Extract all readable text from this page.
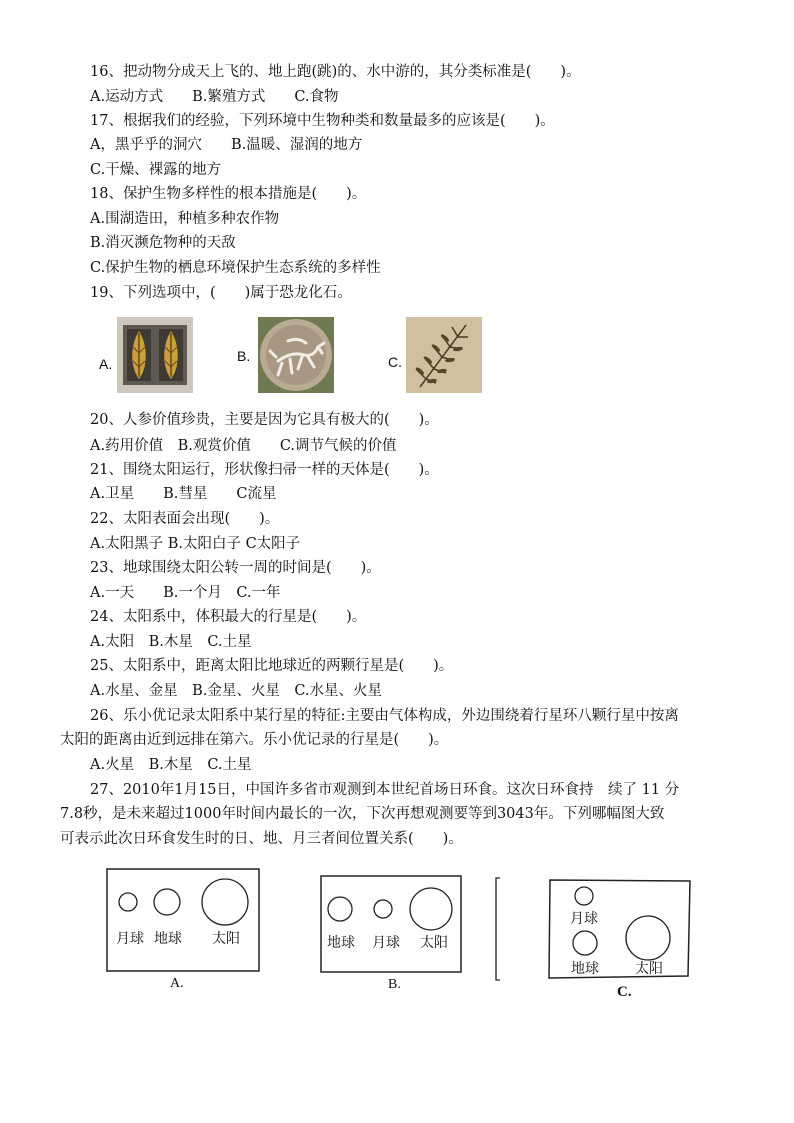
16、把动物分成天上飞的、地上跑(跳)的、水中游的，其分类标准是(　　)。
A.运动方式　　B.繁殖方式　　C.食物
17、根据我们的经验，下列环境中生物种类和数量最多的应该是(　　)。
A，黑乎乎的洞穴　　B.温暖、湿润的地方
C.干燥、裸露的地方
18、保护生物多样性的根本措施是(　　)。
A.围湖造田，种植多种农作物
B.消灭濒危物种的天敌
C.保护生物的栖息环境保护生态系统的多样性
19、下列选项中，(　　)属于恐龙化石。
A.	B.	C.
20、人参价值珍贵，主要是因为它具有极大的(　　)。
A.药用价值　B.观赏价值　　C.调节气候的价值
21、围绕太阳运行，形状像扫帚一样的天体是(　　)。
A.卫星　　B.彗星　　C流星
22、太阳表面会出现(　　)。
A.太阳黑子 B.太阳白子 C太阳子
23、地球围绕太阳公转一周的时间是(　　)。
A.一天　　B.一个月　C.一年
24、太阳系中，体积最大的行星是(　　)。
A.太阳　B.木星　C.土星
25、太阳系中，距离太阳比地球近的两颗行星是(　　)。
A.水星、金星　B.金星、火星　C.水星、火星
26、乐小优记录太阳系中某行星的特征:主要由气体构成，外边围绕着行星环八颗行星中按离
太阳的距离由近到远排在第六。乐小优记录的行星是(　　)。
A.火星　B.木星　C.土星
27、2010年1月15日，中国许多省市观测到本世纪首场日环食。这次日环食持　续了 11 分
7.8秒，是未来超过1000年时间内最长的一次，下次再想观测要等到3043年。下列哪幅图大致
可表示此次日环食发生时的日、地、月三者间位置关系(　　)。
月球 地球 太阳
A.
地球 月球 太阳
B.
月球
地球	太阳
C.
